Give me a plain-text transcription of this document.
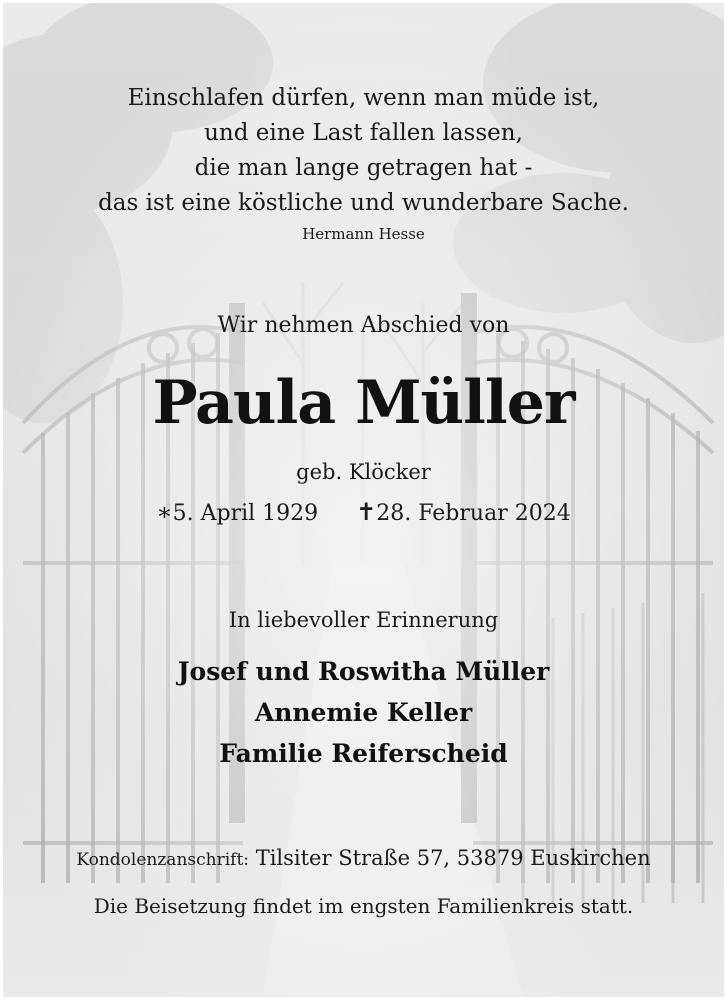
Einschlafen dürfen, wenn man müde ist,
und eine Last fallen lassen,
die man lange getragen hat -
das ist eine köstliche und wunderbare Sache.
Hermann Hesse
Wir nehmen Abschied von
Paula Müller
geb. Klöcker
∗5. April 1929 ✝28. Februar 2024
In liebevoller Erinnerung
Josef und Roswitha Müller
Annemie Keller
Familie Reiferscheid
Kondolenzanschrift: Tilsiter Straße 57, 53879 Euskirchen
Die Beisetzung findet im engsten Familienkreis statt.
